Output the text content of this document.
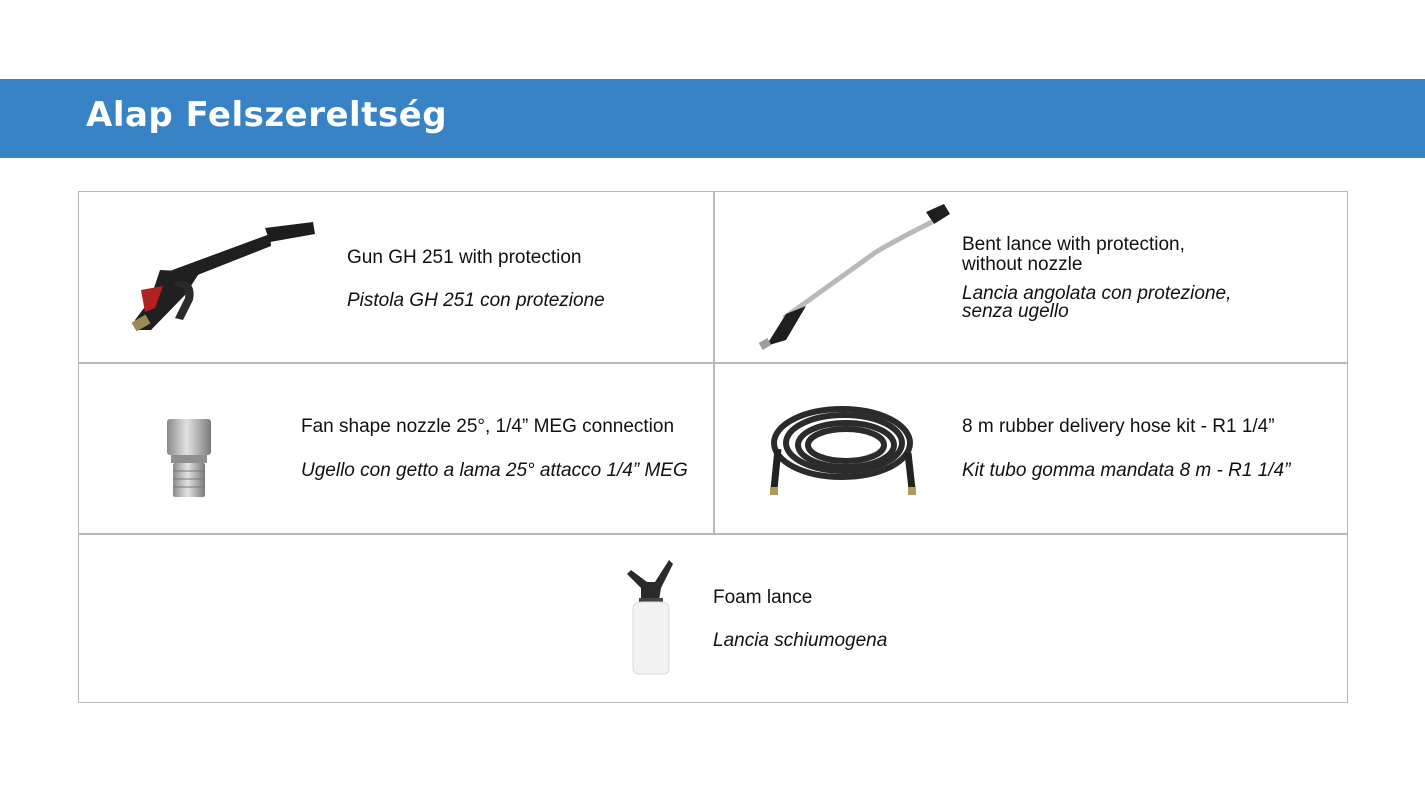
Alap Felszereltség
Gun GH 251 with protection
Pistola GH 251 con protezione
Bent lance with protection,
without nozzle
Lancia angolata con protezione,
senza ugello
Fan shape nozzle 25°, 1/4” MEG connection
Ugello con getto a lama 25° attacco 1/4” MEG
8 m rubber delivery hose kit - R1 1/4”
Kit tubo gomma mandata 8 m - R1 1/4”
Foam lance
Lancia schiumogena
